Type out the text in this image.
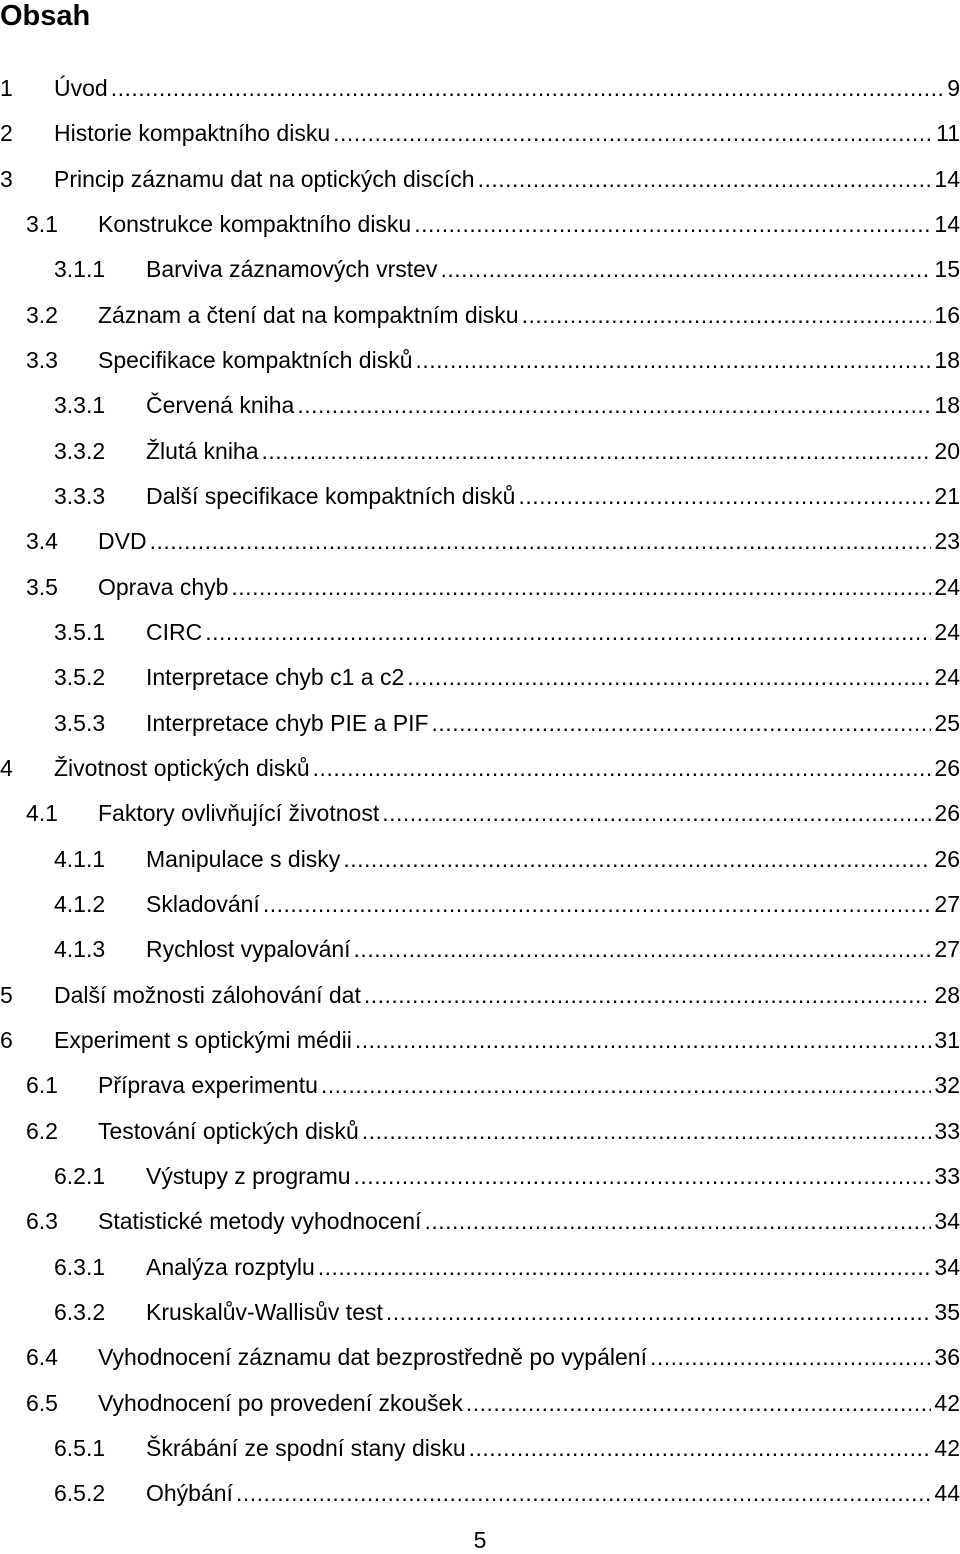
Obsah
1 Úvod .....	9
2 Historie kompaktního disku .....	11
3 Princip záznamu dat na optických discích .....	14
3.1 Konstrukce kompaktního disku .....	14
3.1.1 Barviva záznamových vrstev .....	15
3.2 Záznam a čtení dat na kompaktním disku .....	16
3.3 Specifikace kompaktních disků .....	18
3.3.1 Červená kniha .....	18
3.3.2 Žlutá kniha .....	20
3.3.3 Další specifikace kompaktních disků .....	21
3.4 DVD .....	23
3.5 Oprava chyb .....	24
3.5.1 CIRC .....	24
3.5.2 Interpretace chyb c1 a c2 .....	24
3.5.3 Interpretace chyb PIE a PIF .....	25
4 Životnost optických disků .....	26
4.1 Faktory ovlivňující životnost .....	26
4.1.1 Manipulace s disky .....	26
4.1.2 Skladování .....	27
4.1.3 Rychlost vypalování .....	27
5 Další možnosti zálohování dat .....	28
6 Experiment s optickými médii .....	31
6.1 Příprava experimentu .....	32
6.2 Testování optických disků .....	33
6.2.1 Výstupy z programu .....	33
6.3 Statistické metody vyhodnocení .....	34
6.3.1 Analýza rozptylu .....	34
6.3.2 Kruskalův-Wallisův test .....	35
6.4 Vyhodnocení záznamu dat bezprostředně po vypálení .....	36
6.5 Vyhodnocení po provedení zkoušek .....	42
6.5.1 Škrábání ze spodní stany disku .....	42
6.5.2 Ohýbání .....	44
5
